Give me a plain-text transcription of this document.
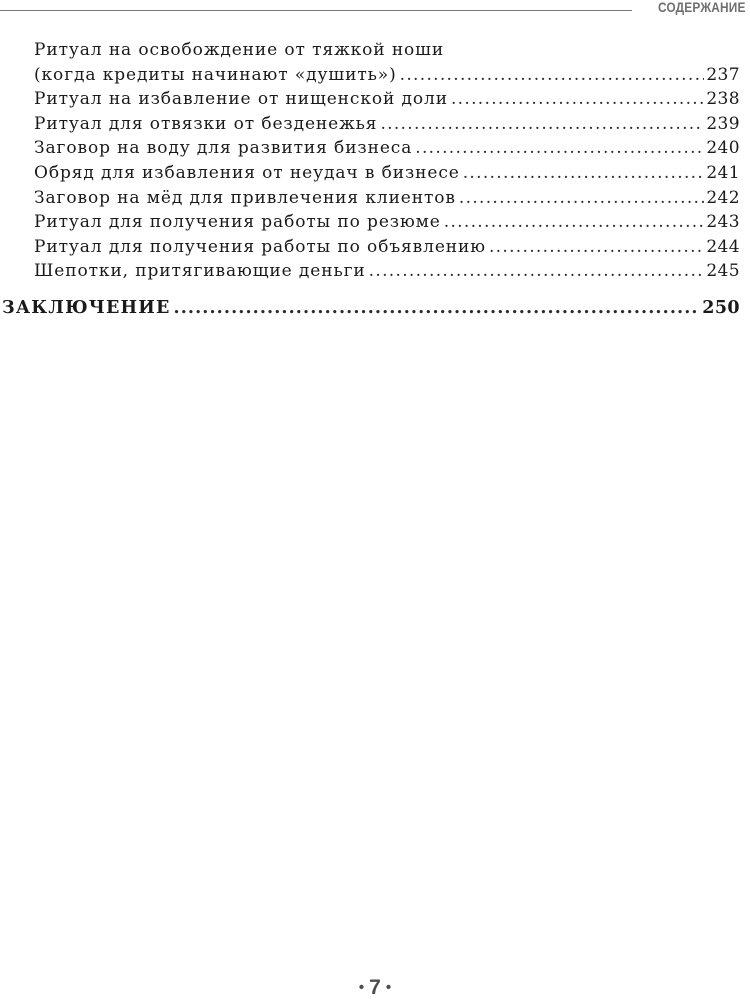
СОДЕРЖАНИЕ
Ритуал на освобождение от тяжкой ноши
(когда кредиты начинают «душить») .....	237
Ритуал на избавление от нищенской доли .....	238
Ритуал для отвязки от безденежья .....	239
Заговор на воду для развития бизнеса .....	240
Обряд для избавления от неудач в бизнесе .....	241
Заговор на мёд для привлечения клиентов .....	242
Ритуал для получения работы по резюме .....	243
Ритуал для получения работы по объявлению .....	244
Шепотки, притягивающие деньги .....	245
ЗАКЛЮЧЕНИЕ .....	250
• 7 •
